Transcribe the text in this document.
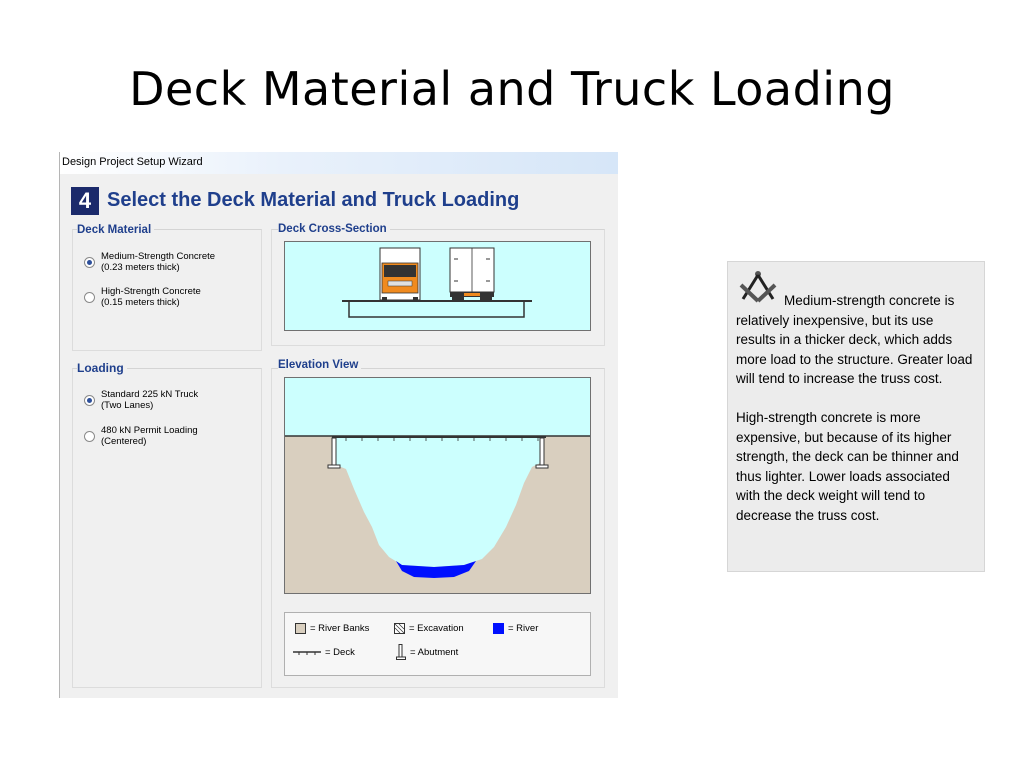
Deck Material and Truck Loading
Design Project Setup Wizard
4 Select the Deck Material and Truck Loading
Deck Material
Medium-Strength Concrete
(0.23 meters thick)
High-Strength Concrete
(0.15 meters thick)
Loading
Standard 225 kN Truck
(Two Lanes)
480 kN Permit Loading
(Centered)
Deck Cross-Section
Elevation View
= River Banks	= Excavation	= River
= Deck	= Abutment

Medium-strength concrete is relatively inexpensive, but its use results in a thicker deck, which adds more load to the structure. Greater load will tend to increase the truss cost.

High-strength concrete is more expensive, but because of its higher strength, the deck can be thinner and thus lighter. Lower loads associated with the deck weight will tend to decrease the truss cost.
